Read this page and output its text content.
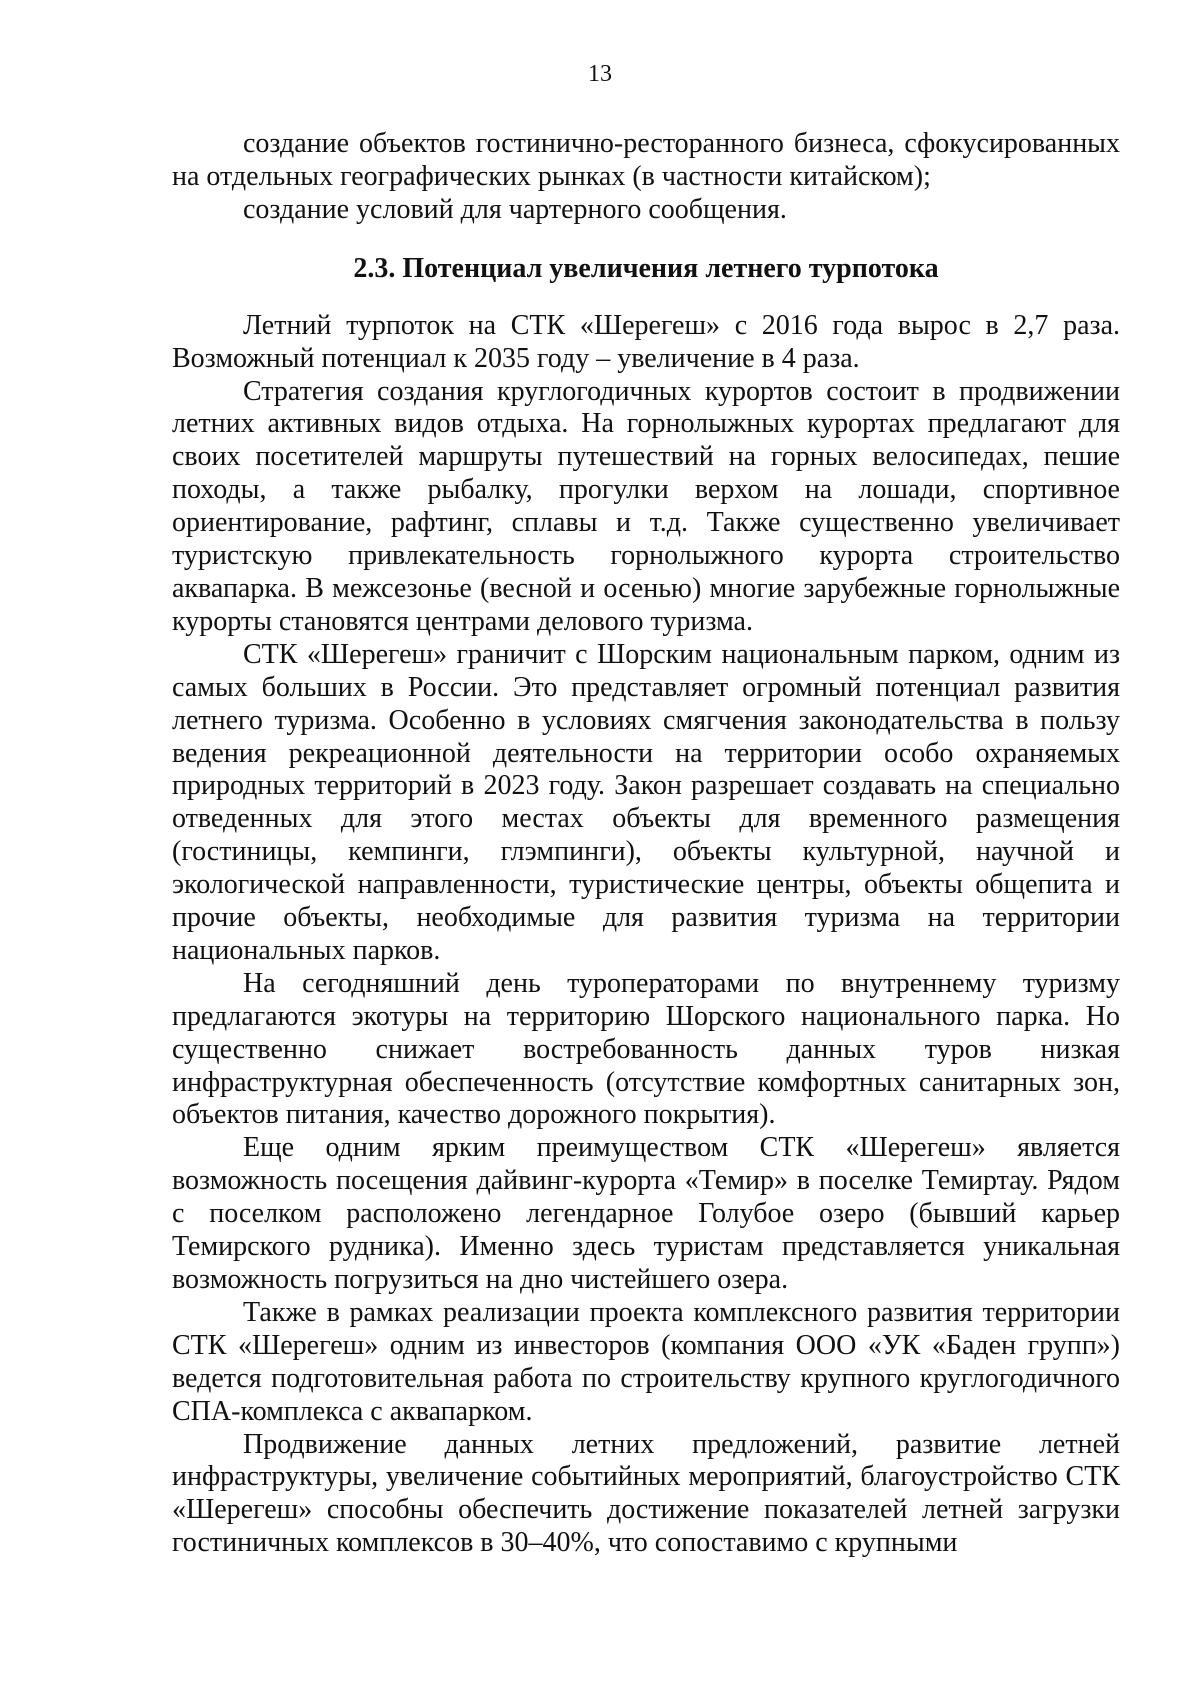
13

создание объектов гостинично-ресторанного бизнеса, сфокусированных на отдельных географических рынках (в частности китайском);

создание условий для чартерного сообщения.

2.3. Потенциал увеличения летнего турпотока

Летний турпоток на СТК «Шерегеш» с 2016 года вырос в 2,7 раза. Возможный потенциал к 2035 году – увеличение в 4 раза.

Стратегия создания круглогодичных курортов состоит в продвижении летних активных видов отдыха. На горнолыжных курортах предлагают для своих посетителей маршруты путешествий на горных велосипедах, пешие походы, а также рыбалку, прогулки верхом на лошади, спортивное ориентирование, рафтинг, сплавы и т.д. Также существенно увеличивает туристскую привлекательность горнолыжного курорта строительство аквапарка. В межсезонье (весной и осенью) многие зарубежные горнолыжные курорты становятся центрами делового туризма.

СТК «Шерегеш» граничит с Шорским национальным парком, одним из самых больших в России. Это представляет огромный потенциал развития летнего туризма. Особенно в условиях смягчения законодательства в пользу ведения рекреационной деятельности на территории особо охраняемых природных территорий в 2023 году. Закон разрешает создавать на специально отведенных для этого местах объекты для временного размещения (гостиницы, кемпинги, глэмпинги), объекты культурной, научной и экологической направленности, туристические центры, объекты общепита и прочие объекты, необходимые для развития туризма на территории национальных парков.

На сегодняшний день туроператорами по внутреннему туризму предлагаются экотуры на территорию Шорского национального парка. Но существенно снижает востребованность данных туров низкая инфраструктурная обеспеченность (отсутствие комфортных санитарных зон, объектов питания, качество дорожного покрытия).

Еще одним ярким преимуществом СТК «Шерегеш» является возможность посещения дайвинг-курорта «Темир» в поселке Темиртау. Рядом с поселком расположено легендарное Голубое озеро (бывший карьер Темирского рудника). Именно здесь туристам представляется уникальная возможность погрузиться на дно чистейшего озера.

Также в рамках реализации проекта комплексного развития территории СТК «Шерегеш» одним из инвесторов (компания ООО «УК «Баден групп») ведется подготовительная работа по строительству крупного круглогодичного СПА-комплекса с аквапарком.

Продвижение данных летних предложений, развитие летней инфраструктуры, увеличение событийных мероприятий, благоустройство СТК «Шерегеш» способны обеспечить достижение показателей летней загрузки гостиничных комплексов в 30–40%, что сопоставимо с крупными
